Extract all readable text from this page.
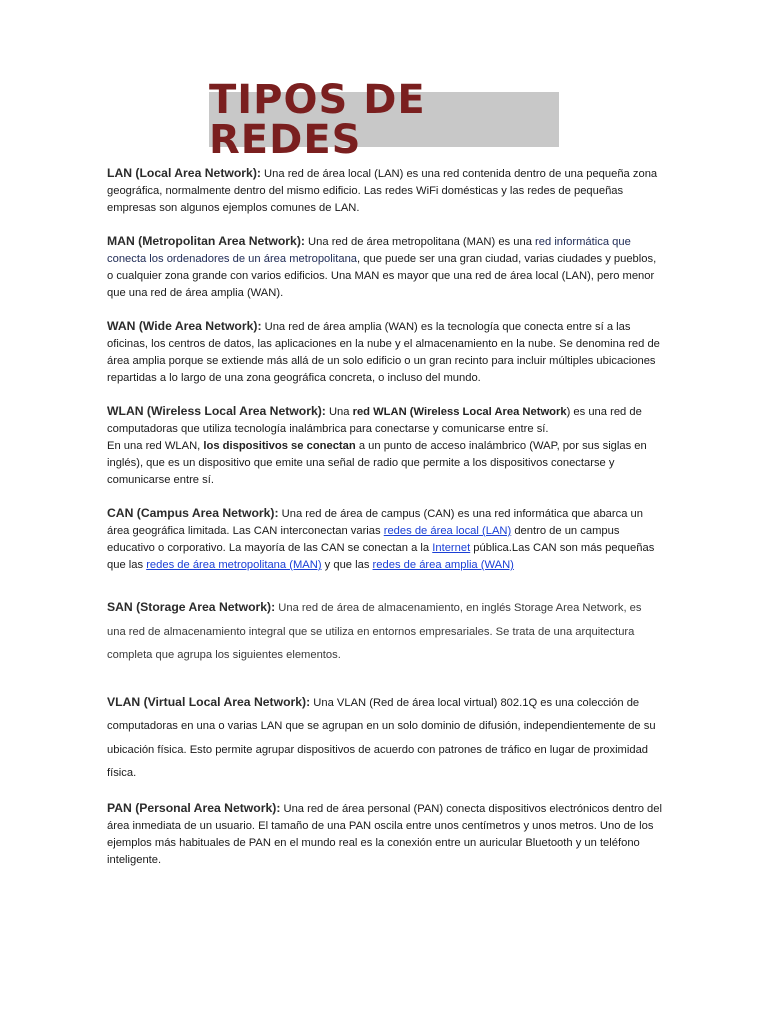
TIPOS DE REDES

LAN (Local Area Network): Una red de área local (LAN) es una red contenida dentro de una pequeña zona geográfica, normalmente dentro del mismo edificio. Las redes WiFi domésticas y las redes de pequeñas empresas son algunos ejemplos comunes de LAN.

MAN (Metropolitan Area Network): Una red de área metropolitana (MAN) es una red informática que conecta los ordenadores de un área metropolitana, que puede ser una gran ciudad, varias ciudades y pueblos, o cualquier zona grande con varios edificios. Una MAN es mayor que una red de área local (LAN), pero menor que una red de área amplia (WAN).

WAN (Wide Area Network): Una red de área amplia (WAN) es la tecnología que conecta entre sí a las oficinas, los centros de datos, las aplicaciones en la nube y el almacenamiento en la nube. Se denomina red de área amplia porque se extiende más allá de un solo edificio o un gran recinto para incluir múltiples ubicaciones repartidas a lo largo de una zona geográfica concreta, o incluso del mundo.

WLAN (Wireless Local Area Network): Una red WLAN (Wireless Local Area Network) es una red de computadoras que utiliza tecnología inalámbrica para conectarse y comunicarse entre sí.
En una red WLAN, los dispositivos se conectan a un punto de acceso inalámbrico (WAP, por sus siglas en inglés), que es un dispositivo que emite una señal de radio que permite a los dispositivos conectarse y comunicarse entre sí.

CAN (Campus Area Network): Una red de área de campus (CAN) es una red informática que abarca un área geográfica limitada. Las CAN interconectan varias redes de área local (LAN) dentro de un campus educativo o corporativo. La mayoría de las CAN se conectan a la Internet pública.Las CAN son más pequeñas que las redes de área metropolitana (MAN) y que las redes de área amplia (WAN)

SAN (Storage Area Network): Una red de área de almacenamiento, en inglés Storage Area Network, es una red de almacenamiento integral que se utiliza en entornos empresariales. Se trata de una arquitectura completa que agrupa los siguientes elementos.

VLAN (Virtual Local Area Network): Una VLAN (Red de área local virtual) 802.1Q es una colección de computadoras en una o varias LAN que se agrupan en un solo dominio de difusión, independientemente de su ubicación física. Esto permite agrupar dispositivos de acuerdo con patrones de tráfico en lugar de proximidad física.

PAN (Personal Area Network): Una red de área personal (PAN) conecta dispositivos electrónicos dentro del área inmediata de un usuario. El tamaño de una PAN oscila entre unos centímetros y unos metros. Uno de los ejemplos más habituales de PAN en el mundo real es la conexión entre un auricular Bluetooth y un teléfono inteligente.
